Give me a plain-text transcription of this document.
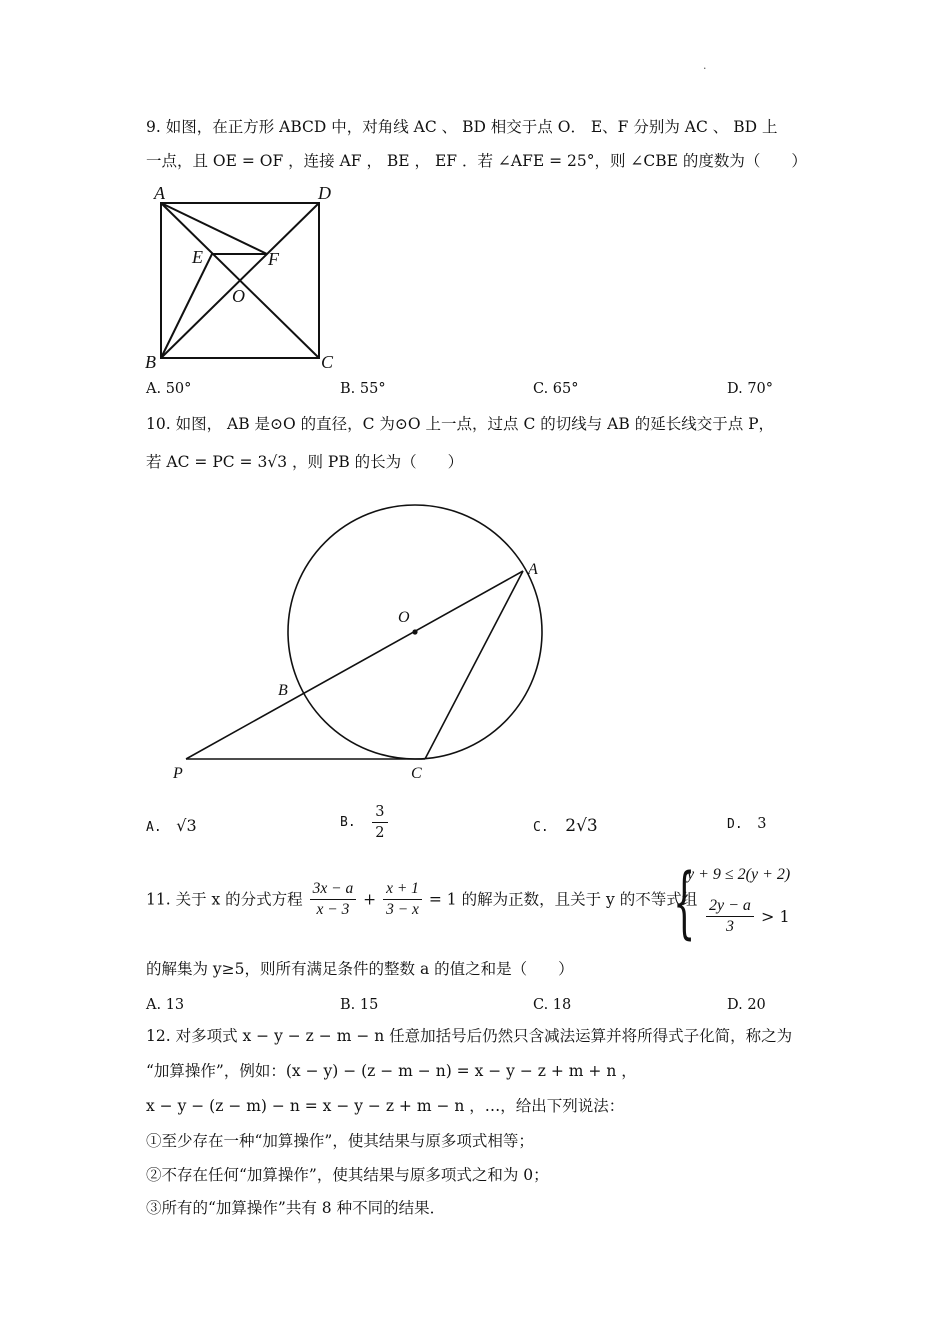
·
9. 如图，在正方形 ABCD 中，对角线 AC 、 BD 相交于点 O． E、F 分别为 AC 、 BD 上
一点，且 OE = OF ，连接 AF ， BE ， EF ．若 ∠AFE = 25°，则 ∠CBE 的度数为（　　）
A	D
B	C
E	F
O
A. 50°	B. 55°	C. 65°	D. 70°
10. 如图， AB 是⊙O 的直径，C 为⊙O 上一点，过点 C 的切线与 AB 的延长线交于点 P，
若 AC = PC = 3√3 ，则 PB 的长为（　　）
A
O
B
P	C
A. √3	B. $\frac{3}{2}$	C. 2√3	D. 3
11. 关于 x 的分式方程 $\frac{3x - a}{x - 3} + \frac{x + 1}{3 - x} = 1$ 的解为正数，且关于 y 的不等式组
{
y + 9 ≤ 2(y + 2)
$\frac{2y - a}{3} > 1$
的解集为 y≥5，则所有满足条件的整数 a 的值之和是（　　）
A. 13	B. 15	C. 18	D. 20
12. 对多项式 x − y − z − m − n 任意加括号后仍然只含减法运算并将所得式子化简，称之为
“加算操作”，例如：(x − y) − (z − m − n) = x − y − z + m + n ，
x − y − (z − m) − n = x − y − z + m − n ，…，给出下列说法：
①至少存在一种“加算操作”，使其结果与原多项式相等；
②不存在任何“加算操作”，使其结果与原多项式之和为 0；
③所有的“加算操作”共有 8 种不同的结果．
